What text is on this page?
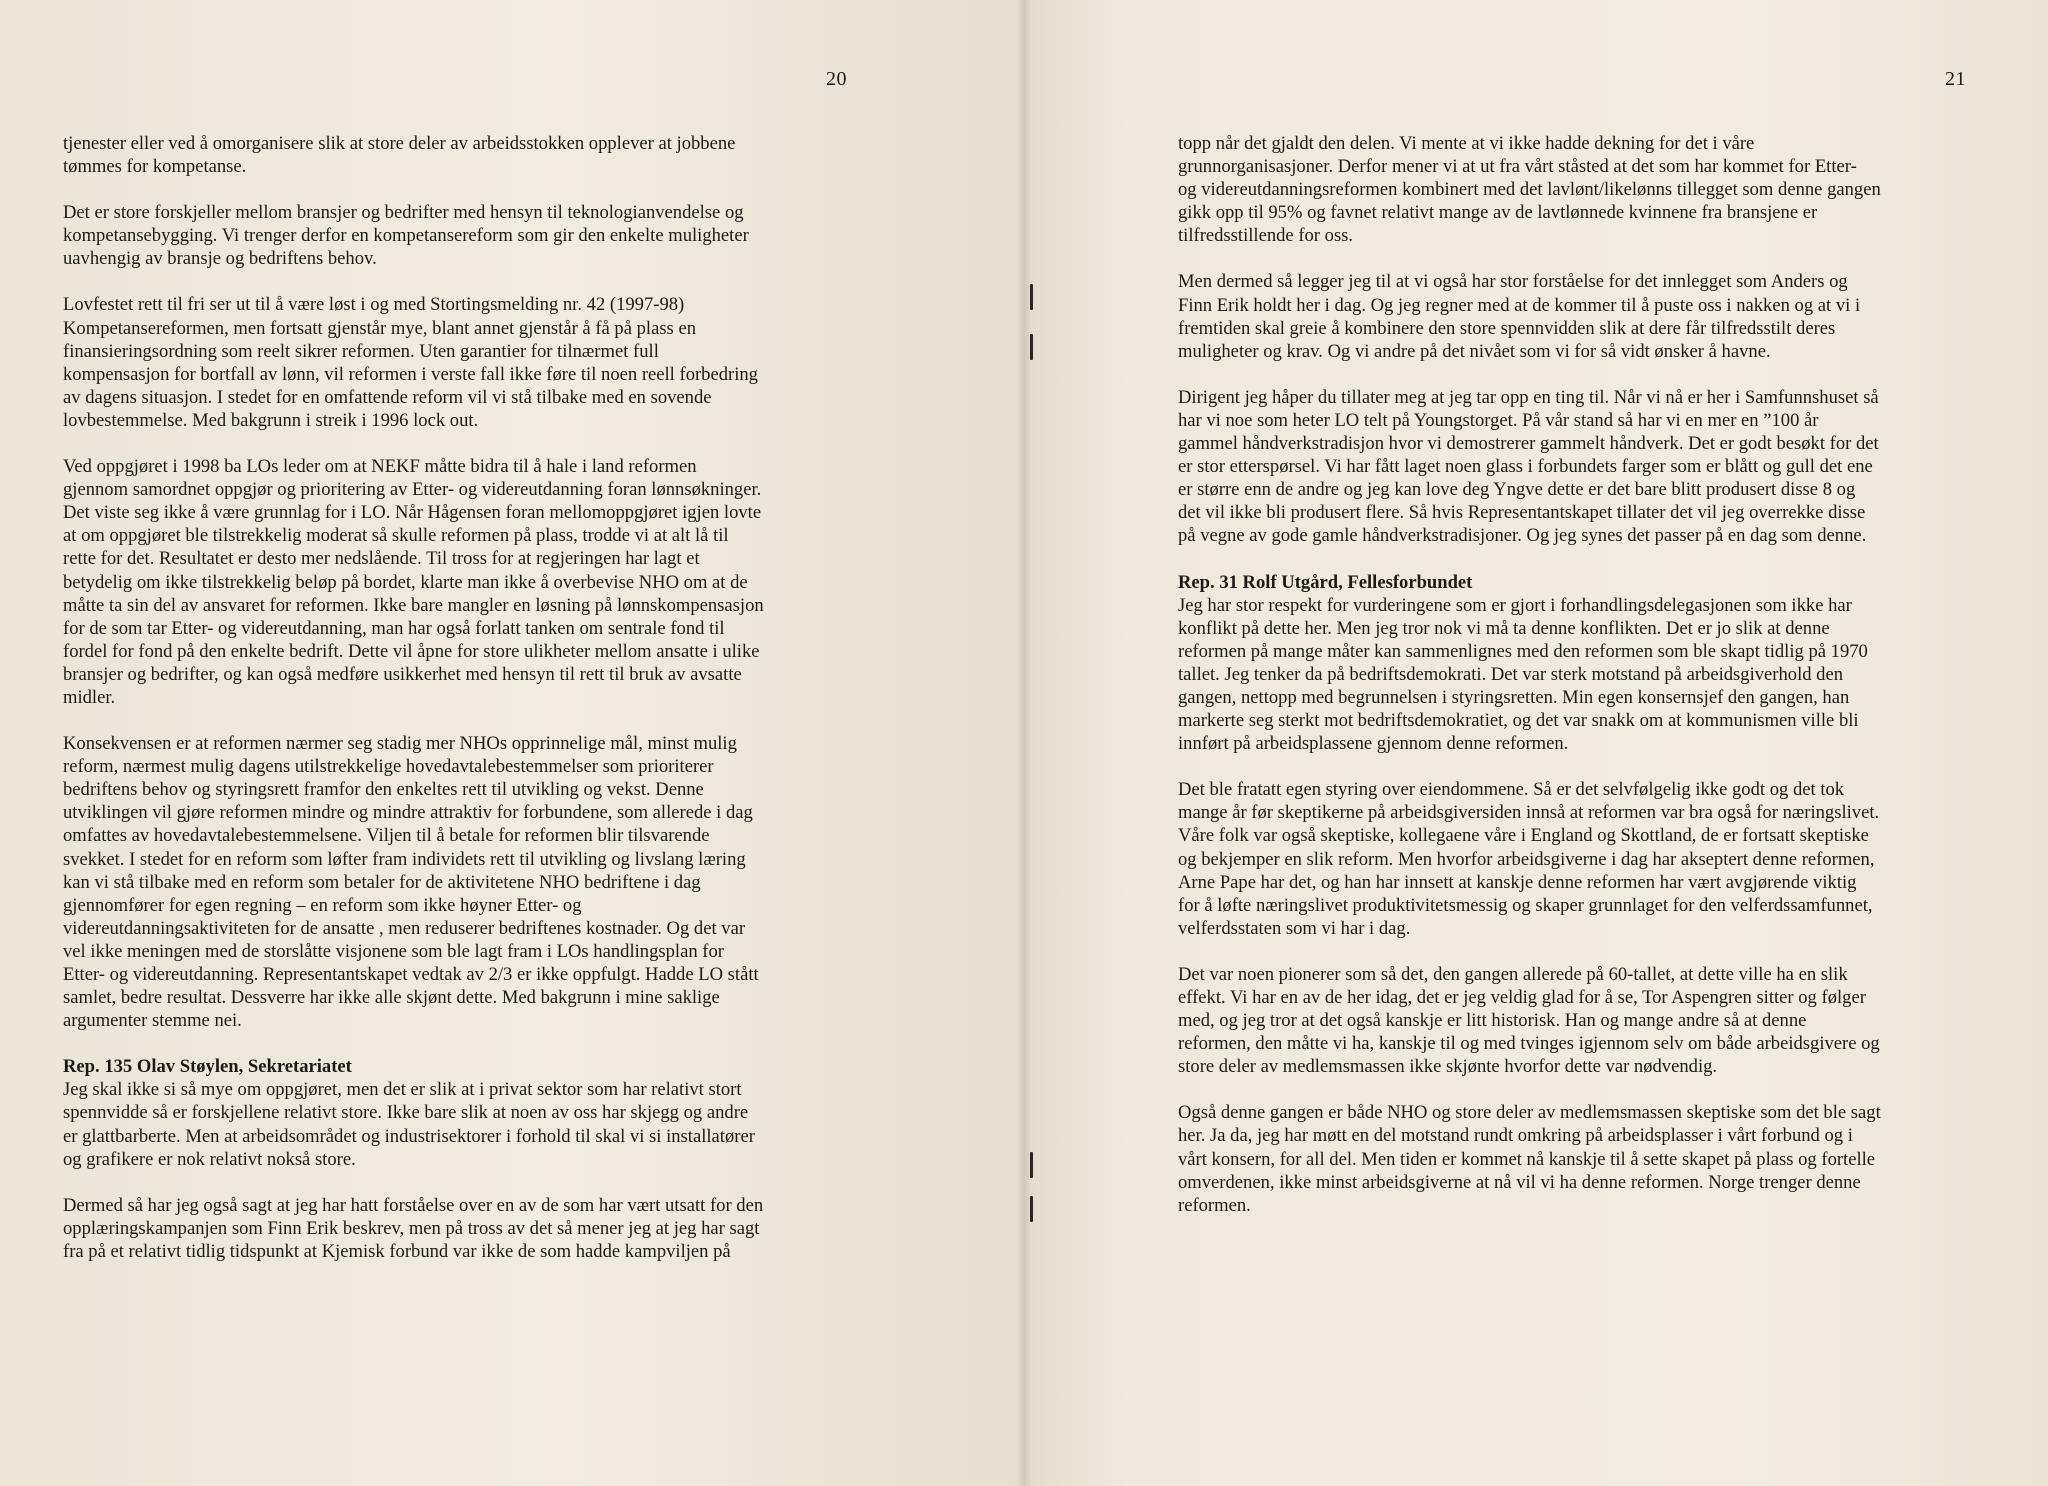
20
tjenester eller ved å omorganisere slik at store deler av arbeidsstokken opplever at jobbene
tømmes for kompetanse.
Det er store forskjeller mellom bransjer og bedrifter med hensyn til teknologianvendelse og
kompetansebygging. Vi trenger derfor en kompetansereform som gir den enkelte muligheter
uavhengig av bransje og bedriftens behov.
Lovfestet rett til fri ser ut til å være løst i og med Stortingsmelding nr. 42 (1997-98)
Kompetansereformen, men fortsatt gjenstår mye, blant annet gjenstår å få på plass en
finansieringsordning som reelt sikrer reformen. Uten garantier for tilnærmet full
kompensasjon for bortfall av lønn, vil reformen i verste fall ikke føre til noen reell forbedring
av dagens situasjon. I stedet for en omfattende reform vil vi stå tilbake med en sovende
lovbestemmelse. Med bakgrunn i streik i 1996 lock out.
Ved oppgjøret i 1998 ba LOs leder om at NEKF måtte bidra til å hale i land reformen
gjennom samordnet oppgjør og prioritering av Etter- og videreutdanning foran lønnsøkninger.
Det viste seg ikke å være grunnlag for i LO. Når Hågensen foran mellomoppgjøret igjen lovte
at om oppgjøret ble tilstrekkelig moderat så skulle reformen på plass, trodde vi at alt lå til
rette for det. Resultatet er desto mer nedslående. Til tross for at regjeringen har lagt et
betydelig om ikke tilstrekkelig beløp på bordet, klarte man ikke å overbevise NHO om at de
måtte ta sin del av ansvaret for reformen. Ikke bare mangler en løsning på lønnskompensasjon
for de som tar Etter- og videreutdanning, man har også forlatt tanken om sentrale fond til
fordel for fond på den enkelte bedrift. Dette vil åpne for store ulikheter mellom ansatte i ulike
bransjer og bedrifter, og kan også medføre usikkerhet med hensyn til rett til bruk av avsatte
midler.
Konsekvensen er at reformen nærmer seg stadig mer NHOs opprinnelige mål, minst mulig
reform, nærmest mulig dagens utilstrekkelige hovedavtalebestemmelser som prioriterer
bedriftens behov og styringsrett framfor den enkeltes rett til utvikling og vekst. Denne
utviklingen vil gjøre reformen mindre og mindre attraktiv for forbundene, som allerede i dag
omfattes av hovedavtalebestemmelsene. Viljen til å betale for reformen blir tilsvarende
svekket. I stedet for en reform som løfter fram individets rett til utvikling og livslang læring
kan vi stå tilbake med en reform som betaler for de aktivitetene NHO bedriftene i dag
gjennomfører for egen regning – en reform som ikke høyner Etter- og
videreutdanningsaktiviteten for de ansatte , men reduserer bedriftenes kostnader. Og det var
vel ikke meningen med de storslåtte visjonene som ble lagt fram i LOs handlingsplan for
Etter- og videreutdanning. Representantskapet vedtak av 2/3 er ikke oppfulgt. Hadde LO stått
samlet, bedre resultat. Dessverre har ikke alle skjønt dette. Med bakgrunn i mine saklige
argumenter stemme nei.
Rep. 135 Olav Støylen, Sekretariatet
Jeg skal ikke si så mye om oppgjøret, men det er slik at i privat sektor som har relativt stort
spennvidde så er forskjellene relativt store. Ikke bare slik at noen av oss har skjegg og andre
er glattbarberte. Men at arbeidsområdet og industrisektorer i forhold til skal vi si installatører
og grafikere er nok relativt nokså store.
Dermed så har jeg også sagt at jeg har hatt forståelse over en av de som har vært utsatt for den
opplæringskampanjen som Finn Erik beskrev, men på tross av det så mener jeg at jeg har sagt
fra på et relativt tidlig tidspunkt at Kjemisk forbund var ikke de som hadde kampviljen på
21
topp når det gjaldt den delen. Vi mente at vi ikke hadde dekning for det i våre
grunnorganisasjoner. Derfor mener vi at ut fra vårt ståsted at det som har kommet for Etter-
og videreutdanningsreformen kombinert med det lavlønt/likelønns tillegget som denne gangen
gikk opp til 95% og favnet relativt mange av de lavtlønnede kvinnene fra bransjene er
tilfredsstillende for oss.
Men dermed så legger jeg til at vi også har stor forståelse for det innlegget som Anders og
Finn Erik holdt her i dag. Og jeg regner med at de kommer til å puste oss i nakken og at vi i
fremtiden skal greie å kombinere den store spennvidden slik at dere får tilfredsstilt deres
muligheter og krav. Og vi andre på det nivået som vi for så vidt ønsker å havne.
Dirigent jeg håper du tillater meg at jeg tar opp en ting til. Når vi nå er her i Samfunnshuset så
har vi noe som heter LO telt på Youngstorget. På vår stand så har vi en mer en ”100 år
gammel håndverkstradisjon hvor vi demostrerer gammelt håndverk. Det er godt besøkt for det
er stor etterspørsel. Vi har fått laget noen glass i forbundets farger som er blått og gull det ene
er større enn de andre og jeg kan love deg Yngve dette er det bare blitt produsert disse 8 og
det vil ikke bli produsert flere. Så hvis Representantskapet tillater det vil jeg overrekke disse
på vegne av gode gamle håndverkstradisjoner. Og jeg synes det passer på en dag som denne.
Rep. 31 Rolf Utgård, Fellesforbundet
Jeg har stor respekt for vurderingene som er gjort i forhandlingsdelegasjonen som ikke har
konflikt på dette her. Men jeg tror nok vi må ta denne konflikten. Det er jo slik at denne
reformen på mange måter kan sammenlignes med den reformen som ble skapt tidlig på 1970
tallet. Jeg tenker da på bedriftsdemokrati. Det var sterk motstand på arbeidsgiverhold den
gangen, nettopp med begrunnelsen i styringsretten. Min egen konsernsjef den gangen, han
markerte seg sterkt mot bedriftsdemokratiet, og det var snakk om at kommunismen ville bli
innført på arbeidsplassene gjennom denne reformen.
Det ble fratatt egen styring over eiendommene. Så er det selvfølgelig ikke godt og det tok
mange år før skeptikerne på arbeidsgiversiden innså at reformen var bra også for næringslivet.
Våre folk var også skeptiske, kollegaene våre i England og Skottland, de er fortsatt skeptiske
og bekjemper en slik reform. Men hvorfor arbeidsgiverne i dag har akseptert denne reformen,
Arne Pape har det, og han har innsett at kanskje denne reformen har vært avgjørende viktig
for å løfte næringslivet produktivitetsmessig og skaper grunnlaget for den velferdssamfunnet,
velferdsstaten som vi har i dag.
Det var noen pionerer som så det, den gangen allerede på 60-tallet, at dette ville ha en slik
effekt. Vi har en av de her idag, det er jeg veldig glad for å se, Tor Aspengren sitter og følger
med, og jeg tror at det også kanskje er litt historisk. Han og mange andre så at denne
reformen, den måtte vi ha, kanskje til og med tvinges igjennom selv om både arbeidsgivere og
store deler av medlemsmassen ikke skjønte hvorfor dette var nødvendig.
Også denne gangen er både NHO og store deler av medlemsmassen skeptiske som det ble sagt
her. Ja da, jeg har møtt en del motstand rundt omkring på arbeidsplasser i vårt forbund og i
vårt konsern, for all del. Men tiden er kommet nå kanskje til å sette skapet på plass og fortelle
omverdenen, ikke minst arbeidsgiverne at nå vil vi ha denne reformen. Norge trenger denne
reformen.
